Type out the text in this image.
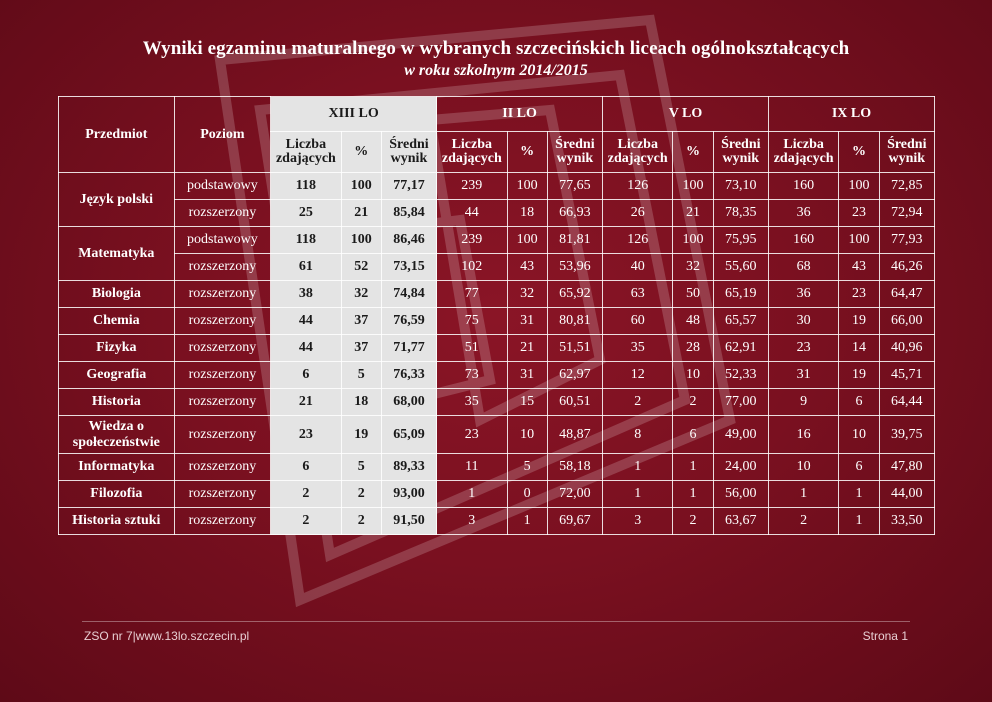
Wyniki egzaminu maturalnego w wybranych szczecińskich liceach ogólnokształcących
w roku szkolnym 2014/2015
Przedmiot	Poziom	XIII LO			II LO			V LO			IX LO		
		Liczba zdających	%	Średni wynik	Liczba zdających	%	Średni wynik	Liczba zdających	%	Średni wynik	Liczba zdających	%	Średni wynik
Język polski	podstawowy	118	100	77,17	239	100	77,65	126	100	73,10	160	100	72,85
	rozszerzony	25	21	85,84	44	18	66,93	26	21	78,35	36	23	72,94
Matematyka	podstawowy	118	100	86,46	239	100	81,81	126	100	75,95	160	100	77,93
	rozszerzony	61	52	73,15	102	43	53,96	40	32	55,60	68	43	46,26
Biologia	rozszerzony	38	32	74,84	77	32	65,92	63	50	65,19	36	23	64,47
Chemia	rozszerzony	44	37	76,59	75	31	80,81	60	48	65,57	30	19	66,00
Fizyka	rozszerzony	44	37	71,77	51	21	51,51	35	28	62,91	23	14	40,96
Geografia	rozszerzony	6	5	76,33	73	31	62,97	12	10	52,33	31	19	45,71
Historia	rozszerzony	21	18	68,00	35	15	60,51	2	2	77,00	9	6	64,44
Wiedza o społeczeństwie	rozszerzony	23	19	65,09	23	10	48,87	8	6	49,00	16	10	39,75
Informatyka	rozszerzony	6	5	89,33	11	5	58,18	1	1	24,00	10	6	47,80
Filozofia	rozszerzony	2	2	93,00	1	0	72,00	1	1	56,00	1	1	44,00
Historia sztuki	rozszerzony	2	2	91,50	3	1	69,67	3	2	63,67	2	1	33,50
ZSO nr 7|www.13lo.szczecin.pl	Strona 1
